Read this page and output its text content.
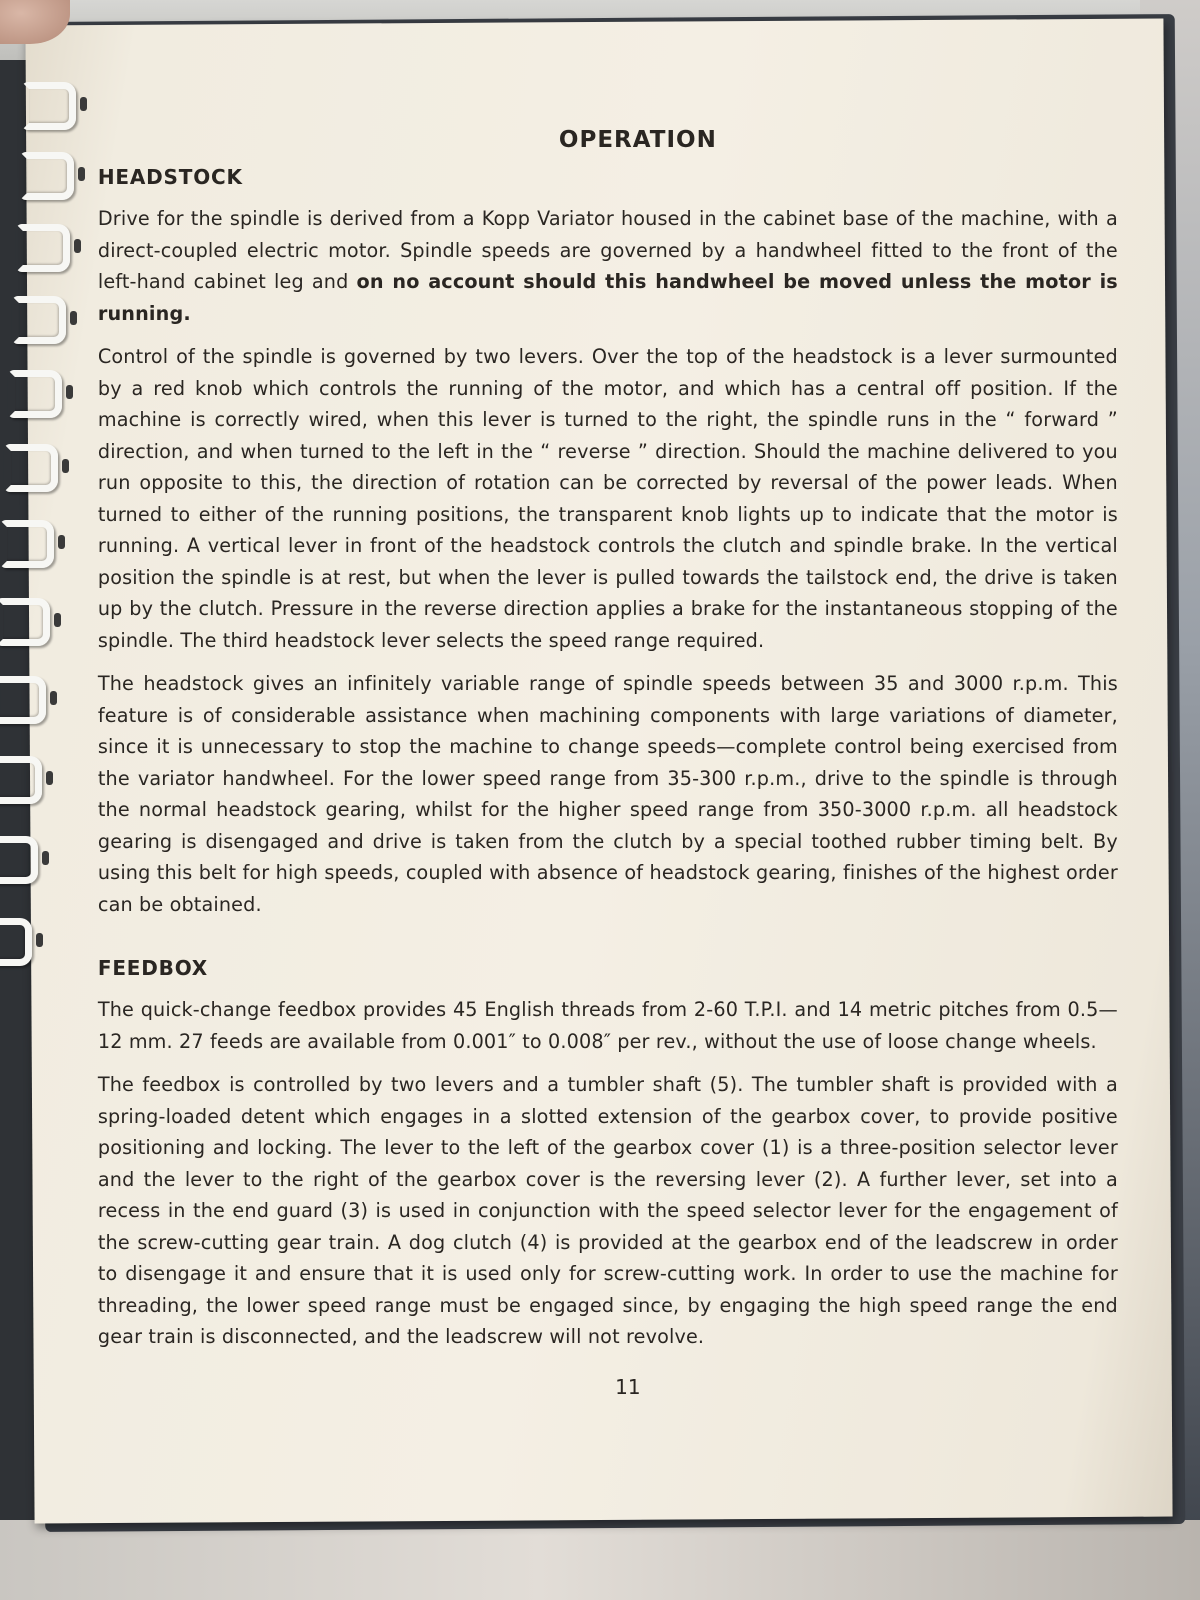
OPERATION
HEADSTOCK

Drive for the spindle is derived from a Kopp Variator housed in the cabinet base of the machine, with a direct-coupled electric motor. Spindle speeds are governed by a handwheel fitted to the front of the left-hand cabinet leg and on no account should this handwheel be moved unless the motor is running.

Control of the spindle is governed by two levers. Over the top of the headstock is a lever surmounted by a red knob which controls the running of the motor, and which has a central off position. If the machine is correctly wired, when this lever is turned to the right, the spindle runs in the “ forward ” direction, and when turned to the left in the “ reverse ” direction. Should the machine delivered to you run opposite to this, the direction of rotation can be corrected by reversal of the power leads. When turned to either of the running positions, the transparent knob lights up to indicate that the motor is running. A vertical lever in front of the headstock controls the clutch and spindle brake. In the vertical position the spindle is at rest, but when the lever is pulled towards the tailstock end, the drive is taken up by the clutch. Pressure in the reverse direction applies a brake for the instantaneous stopping of the spindle. The third headstock lever selects the speed range required.

The headstock gives an infinitely variable range of spindle speeds between 35 and 3000 r.p.m. This feature is of considerable assistance when machining components with large variations of diameter, since it is unnecessary to stop the machine to change speeds—complete control being exercised from the variator handwheel. For the lower speed range from 35-300 r.p.m., drive to the spindle is through the normal headstock gearing, whilst for the higher speed range from 350-3000 r.p.m. all headstock gearing is disengaged and drive is taken from the clutch by a special toothed rubber timing belt. By using this belt for high speeds, coupled with absence of headstock gearing, finishes of the highest order can be obtained.

FEEDBOX

The quick-change feedbox provides 45 English threads from 2-60 T.P.I. and 14 metric pitches from 0.5—12 mm. 27 feeds are available from 0.001″ to 0.008″ per rev., without the use of loose change wheels.

The feedbox is controlled by two levers and a tumbler shaft (5). The tumbler shaft is provided with a spring-loaded detent which engages in a slotted extension of the gearbox cover, to provide positive positioning and locking. The lever to the left of the gearbox cover (1) is a three-position selector lever and the lever to the right of the gearbox cover is the reversing lever (2). A further lever, set into a recess in the end guard (3) is used in conjunction with the speed selector lever for the engagement of the screw-cutting gear train. A dog clutch (4) is provided at the gearbox end of the leadscrew in order to disengage it and ensure that it is used only for screw-cutting work. In order to use the machine for threading, the lower speed range must be engaged since, by engaging the high speed range the end gear train is disconnected, and the leadscrew will not revolve.

11
